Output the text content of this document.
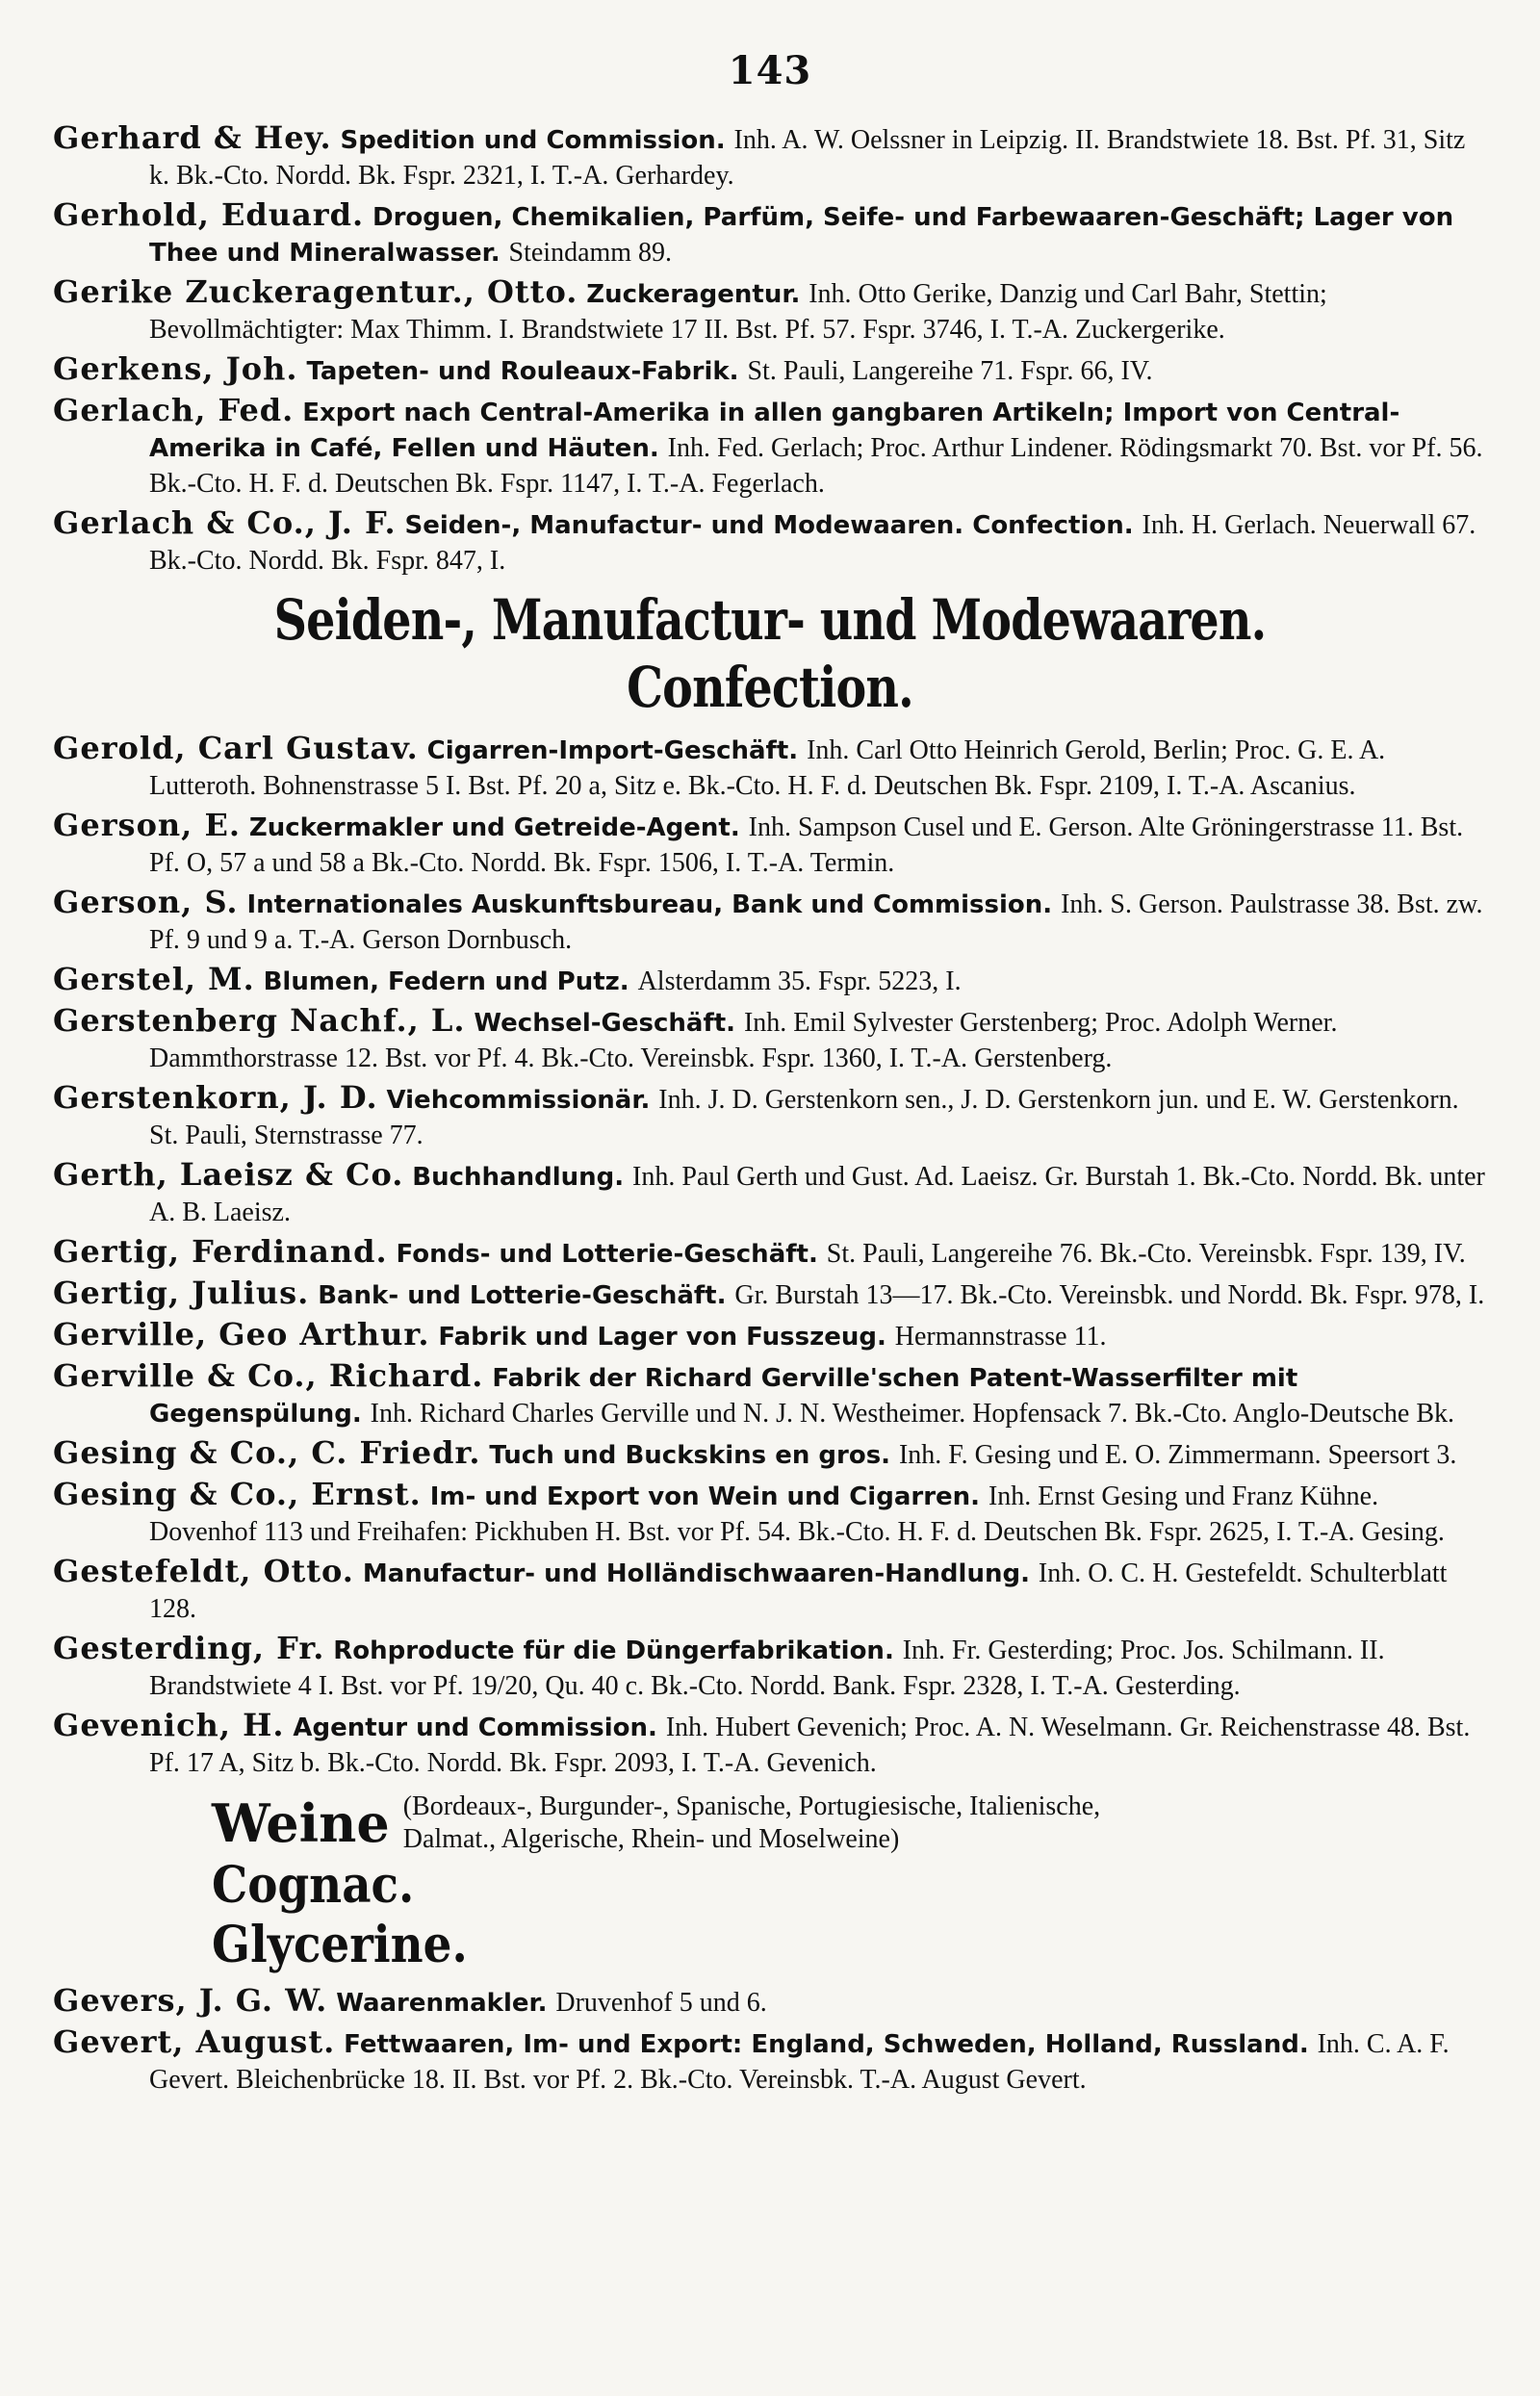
143

Gerhard & Hey. Spedition und Commission. Inh. A. W. Oelssner in Leipzig. II. Brandstwiete 18. Bst. Pf. 31, Sitz k. Bk.-Cto. Nordd. Bk. Fspr. 2321, I. T.-A. Gerhardey.

Gerhold, Eduard. Droguen, Chemikalien, Parfüm, Seife- und Farbewaaren-Geschäft; Lager von Thee und Mineralwasser. Steindamm 89.

Gerike Zuckeragentur., Otto. Zuckeragentur. Inh. Otto Gerike, Danzig und Carl Bahr, Stettin; Bevollmächtigter: Max Thimm. I. Brandstwiete 17 II. Bst. Pf. 57. Fspr. 3746, I. T.-A. Zuckergerike.

Gerkens, Joh. Tapeten- und Rouleaux-Fabrik. St. Pauli, Langereihe 71. Fspr. 66, IV.

Gerlach, Fed. Export nach Central-Amerika in allen gangbaren Artikeln; Import von Central-Amerika in Café, Fellen und Häuten. Inh. Fed. Gerlach; Proc. Arthur Lindener. Rödingsmarkt 70. Bst. vor Pf. 56. Bk.-Cto. H. F. d. Deutschen Bk. Fspr. 1147, I. T.-A. Fegerlach.

Gerlach & Co., J. F. Seiden-, Manufactur- und Modewaaren. Confection. Inh. H. Gerlach. Neuerwall 67. Bk.-Cto. Nordd. Bk. Fspr. 847, I.

Seiden-, Manufactur- und Modewaaren. Confection.

Gerold, Carl Gustav. Cigarren-Import-Geschäft. Inh. Carl Otto Heinrich Gerold, Berlin; Proc. G. E. A. Lutteroth. Bohnenstrasse 5 I. Bst. Pf. 20 a, Sitz e. Bk.-Cto. H. F. d. Deutschen Bk. Fspr. 2109, I. T.-A. Ascanius.

Gerson, E. Zuckermakler und Getreide-Agent. Inh. Sampson Cusel und E. Gerson. Alte Gröningerstrasse 11. Bst. Pf. O, 57 a und 58 a Bk.-Cto. Nordd. Bk. Fspr. 1506, I. T.-A. Termin.

Gerson, S. Internationales Auskunftsbureau, Bank und Commission. Inh. S. Gerson. Paulstrasse 38. Bst. zw. Pf. 9 und 9 a. T.-A. Gerson Dornbusch.

Gerstel, M. Blumen, Federn und Putz. Alsterdamm 35. Fspr. 5223, I.

Gerstenberg Nachf., L. Wechsel-Geschäft. Inh. Emil Sylvester Gerstenberg; Proc. Adolph Werner. Dammthorstrasse 12. Bst. vor Pf. 4. Bk.-Cto. Vereinsbk. Fspr. 1360, I. T.-A. Gerstenberg.

Gerstenkorn, J. D. Viehcommissionär. Inh. J. D. Gerstenkorn sen., J. D. Gerstenkorn jun. und E. W. Gerstenkorn. St. Pauli, Sternstrasse 77.

Gerth, Laeisz & Co. Buchhandlung. Inh. Paul Gerth und Gust. Ad. Laeisz. Gr. Burstah 1. Bk.-Cto. Nordd. Bk. unter A. B. Laeisz.

Gertig, Ferdinand. Fonds- und Lotterie-Geschäft. St. Pauli, Langereihe 76. Bk.-Cto. Vereinsbk. Fspr. 139, IV.

Gertig, Julius. Bank- und Lotterie-Geschäft. Gr. Burstah 13—17. Bk.-Cto. Vereinsbk. und Nordd. Bk. Fspr. 978, I.

Gerville, Geo Arthur. Fabrik und Lager von Fusszeug. Hermannstrasse 11.

Gerville & Co., Richard. Fabrik der Richard Gerville'schen Patent-Wasserfilter mit Gegenspülung. Inh. Richard Charles Gerville und N. J. N. Westheimer. Hopfensack 7. Bk.-Cto. Anglo-Deutsche Bk.

Gesing & Co., C. Friedr. Tuch und Buckskins en gros. Inh. F. Gesing und E. O. Zimmermann. Speersort 3.

Gesing & Co., Ernst. Im- und Export von Wein und Cigarren. Inh. Ernst Gesing und Franz Kühne. Dovenhof 113 und Freihafen: Pickhuben H. Bst. vor Pf. 54. Bk.-Cto. H. F. d. Deutschen Bk. Fspr. 2625, I. T.-A. Gesing.

Gestefeldt, Otto. Manufactur- und Holländischwaaren-Handlung. Inh. O. C. H. Gestefeldt. Schulterblatt 128.

Gesterding, Fr. Rohproducte für die Düngerfabrikation. Inh. Fr. Gesterding; Proc. Jos. Schilmann. II. Brandstwiete 4 I. Bst. vor Pf. 19/20, Qu. 40 c. Bk.-Cto. Nordd. Bank. Fspr. 2328, I. T.-A. Gesterding.

Gevenich, H. Agentur und Commission. Inh. Hubert Gevenich; Proc. A. N. Weselmann. Gr. Reichenstrasse 48. Bst. Pf. 17 A, Sitz b. Bk.-Cto. Nordd. Bk. Fspr. 2093, I. T.-A. Gevenich.

Weine (Bordeaux-, Burgunder-, Spanische, Portugiesische, Italienische,
Dalmat., Algerische, Rhein- und Moselweine)
Cognac.
Glycerine.

Gevers, J. G. W. Waarenmakler. Druvenhof 5 und 6.

Gevert, August. Fettwaaren, Im- und Export: England, Schweden, Holland, Russland. Inh. C. A. F. Gevert. Bleichenbrücke 18. II. Bst. vor Pf. 2. Bk.-Cto. Vereinsbk. T.-A. August Gevert.
